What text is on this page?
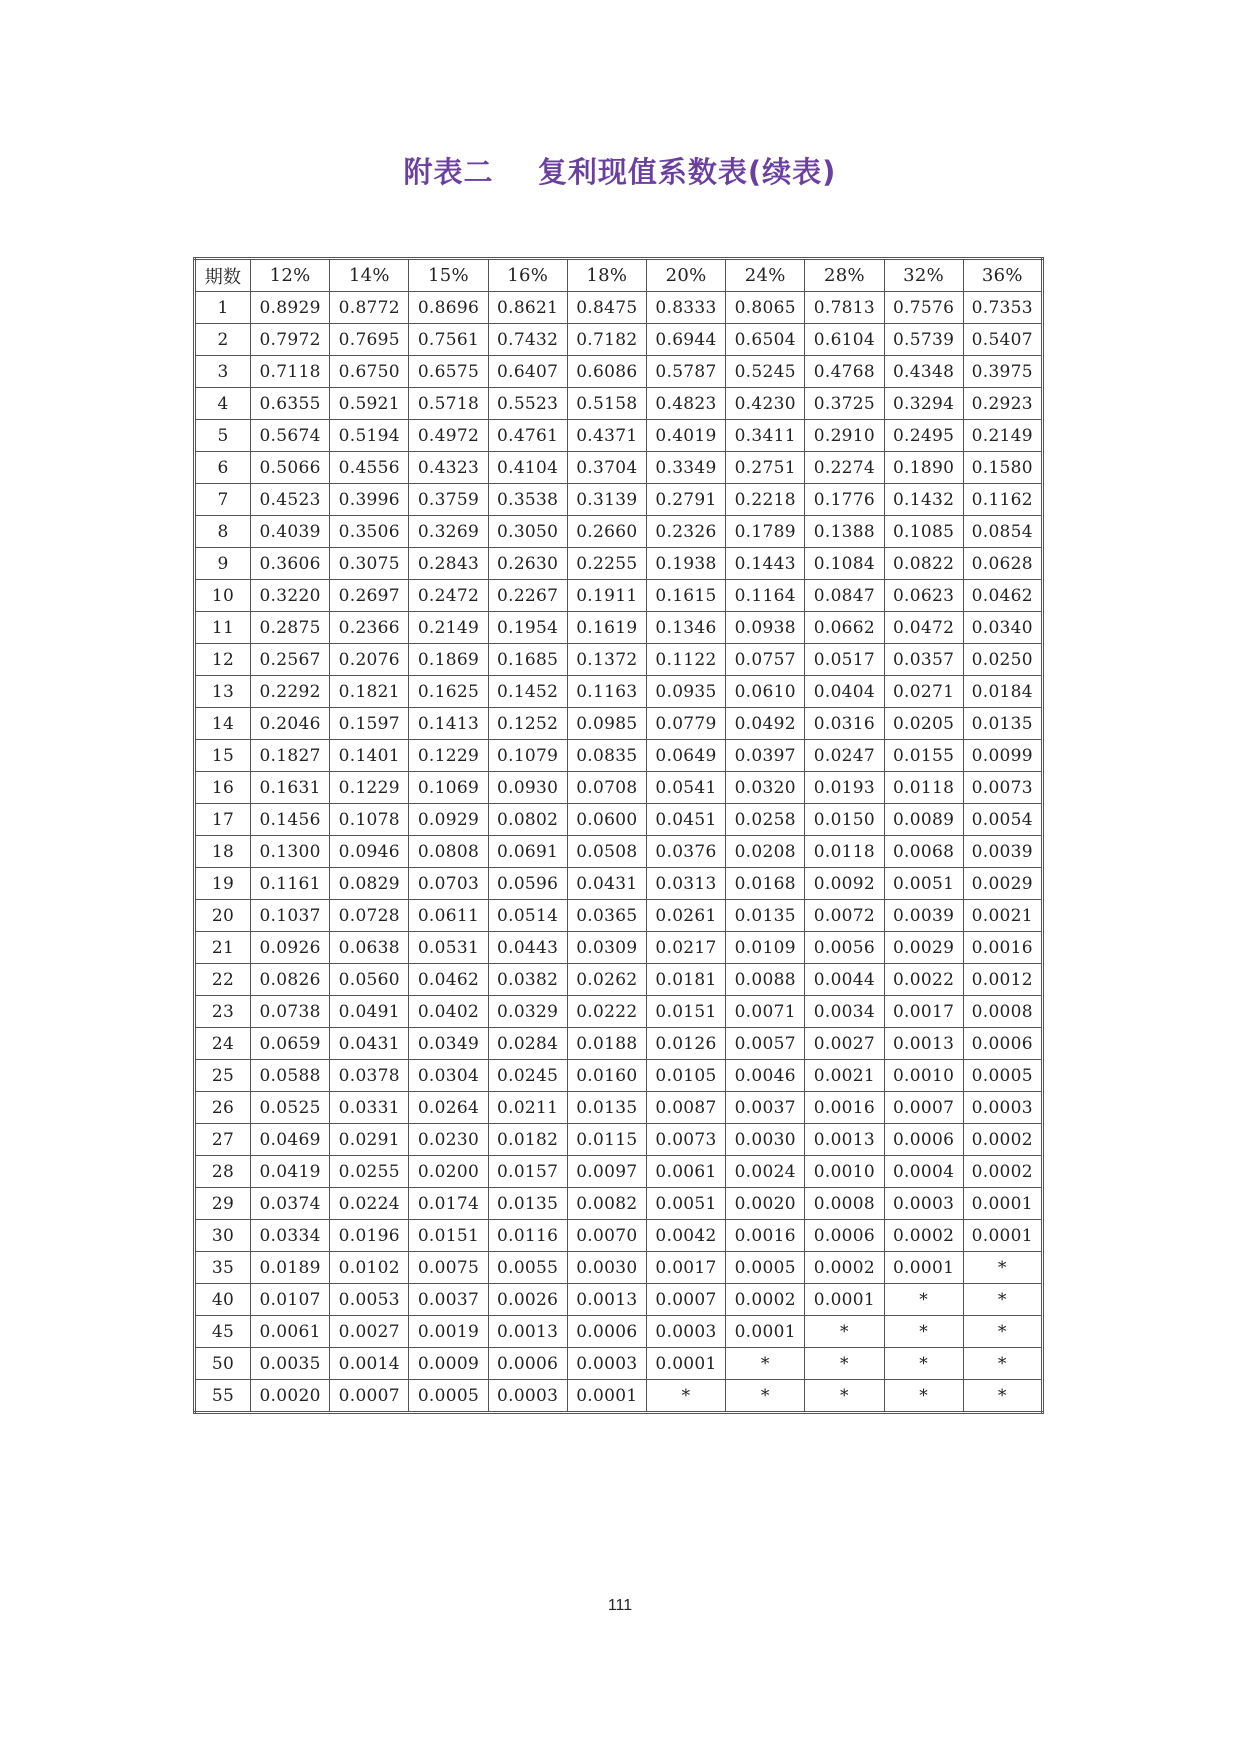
附表二    复利现值系数表(续表)
期数	12%	14%	15%	16%	18%	20%	24%	28%	32%	36%
1	0.8929	0.8772	0.8696	0.8621	0.8475	0.8333	0.8065	0.7813	0.7576	0.7353
2	0.7972	0.7695	0.7561	0.7432	0.7182	0.6944	0.6504	0.6104	0.5739	0.5407
3	0.7118	0.6750	0.6575	0.6407	0.6086	0.5787	0.5245	0.4768	0.4348	0.3975
4	0.6355	0.5921	0.5718	0.5523	0.5158	0.4823	0.4230	0.3725	0.3294	0.2923
5	0.5674	0.5194	0.4972	0.4761	0.4371	0.4019	0.3411	0.2910	0.2495	0.2149
6	0.5066	0.4556	0.4323	0.4104	0.3704	0.3349	0.2751	0.2274	0.1890	0.1580
7	0.4523	0.3996	0.3759	0.3538	0.3139	0.2791	0.2218	0.1776	0.1432	0.1162
8	0.4039	0.3506	0.3269	0.3050	0.2660	0.2326	0.1789	0.1388	0.1085	0.0854
9	0.3606	0.3075	0.2843	0.2630	0.2255	0.1938	0.1443	0.1084	0.0822	0.0628
10	0.3220	0.2697	0.2472	0.2267	0.1911	0.1615	0.1164	0.0847	0.0623	0.0462
11	0.2875	0.2366	0.2149	0.1954	0.1619	0.1346	0.0938	0.0662	0.0472	0.0340
12	0.2567	0.2076	0.1869	0.1685	0.1372	0.1122	0.0757	0.0517	0.0357	0.0250
13	0.2292	0.1821	0.1625	0.1452	0.1163	0.0935	0.0610	0.0404	0.0271	0.0184
14	0.2046	0.1597	0.1413	0.1252	0.0985	0.0779	0.0492	0.0316	0.0205	0.0135
15	0.1827	0.1401	0.1229	0.1079	0.0835	0.0649	0.0397	0.0247	0.0155	0.0099
16	0.1631	0.1229	0.1069	0.0930	0.0708	0.0541	0.0320	0.0193	0.0118	0.0073
17	0.1456	0.1078	0.0929	0.0802	0.0600	0.0451	0.0258	0.0150	0.0089	0.0054
18	0.1300	0.0946	0.0808	0.0691	0.0508	0.0376	0.0208	0.0118	0.0068	0.0039
19	0.1161	0.0829	0.0703	0.0596	0.0431	0.0313	0.0168	0.0092	0.0051	0.0029
20	0.1037	0.0728	0.0611	0.0514	0.0365	0.0261	0.0135	0.0072	0.0039	0.0021
21	0.0926	0.0638	0.0531	0.0443	0.0309	0.0217	0.0109	0.0056	0.0029	0.0016
22	0.0826	0.0560	0.0462	0.0382	0.0262	0.0181	0.0088	0.0044	0.0022	0.0012
23	0.0738	0.0491	0.0402	0.0329	0.0222	0.0151	0.0071	0.0034	0.0017	0.0008
24	0.0659	0.0431	0.0349	0.0284	0.0188	0.0126	0.0057	0.0027	0.0013	0.0006
25	0.0588	0.0378	0.0304	0.0245	0.0160	0.0105	0.0046	0.0021	0.0010	0.0005
26	0.0525	0.0331	0.0264	0.0211	0.0135	0.0087	0.0037	0.0016	0.0007	0.0003
27	0.0469	0.0291	0.0230	0.0182	0.0115	0.0073	0.0030	0.0013	0.0006	0.0002
28	0.0419	0.0255	0.0200	0.0157	0.0097	0.0061	0.0024	0.0010	0.0004	0.0002
29	0.0374	0.0224	0.0174	0.0135	0.0082	0.0051	0.0020	0.0008	0.0003	0.0001
30	0.0334	0.0196	0.0151	0.0116	0.0070	0.0042	0.0016	0.0006	0.0002	0.0001
35	0.0189	0.0102	0.0075	0.0055	0.0030	0.0017	0.0005	0.0002	0.0001	*
40	0.0107	0.0053	0.0037	0.0026	0.0013	0.0007	0.0002	0.0001	*	*
45	0.0061	0.0027	0.0019	0.0013	0.0006	0.0003	0.0001	*	*	*
50	0.0035	0.0014	0.0009	0.0006	0.0003	0.0001	*	*	*	*
55	0.0020	0.0007	0.0005	0.0003	0.0001	*	*	*	*	*
111
